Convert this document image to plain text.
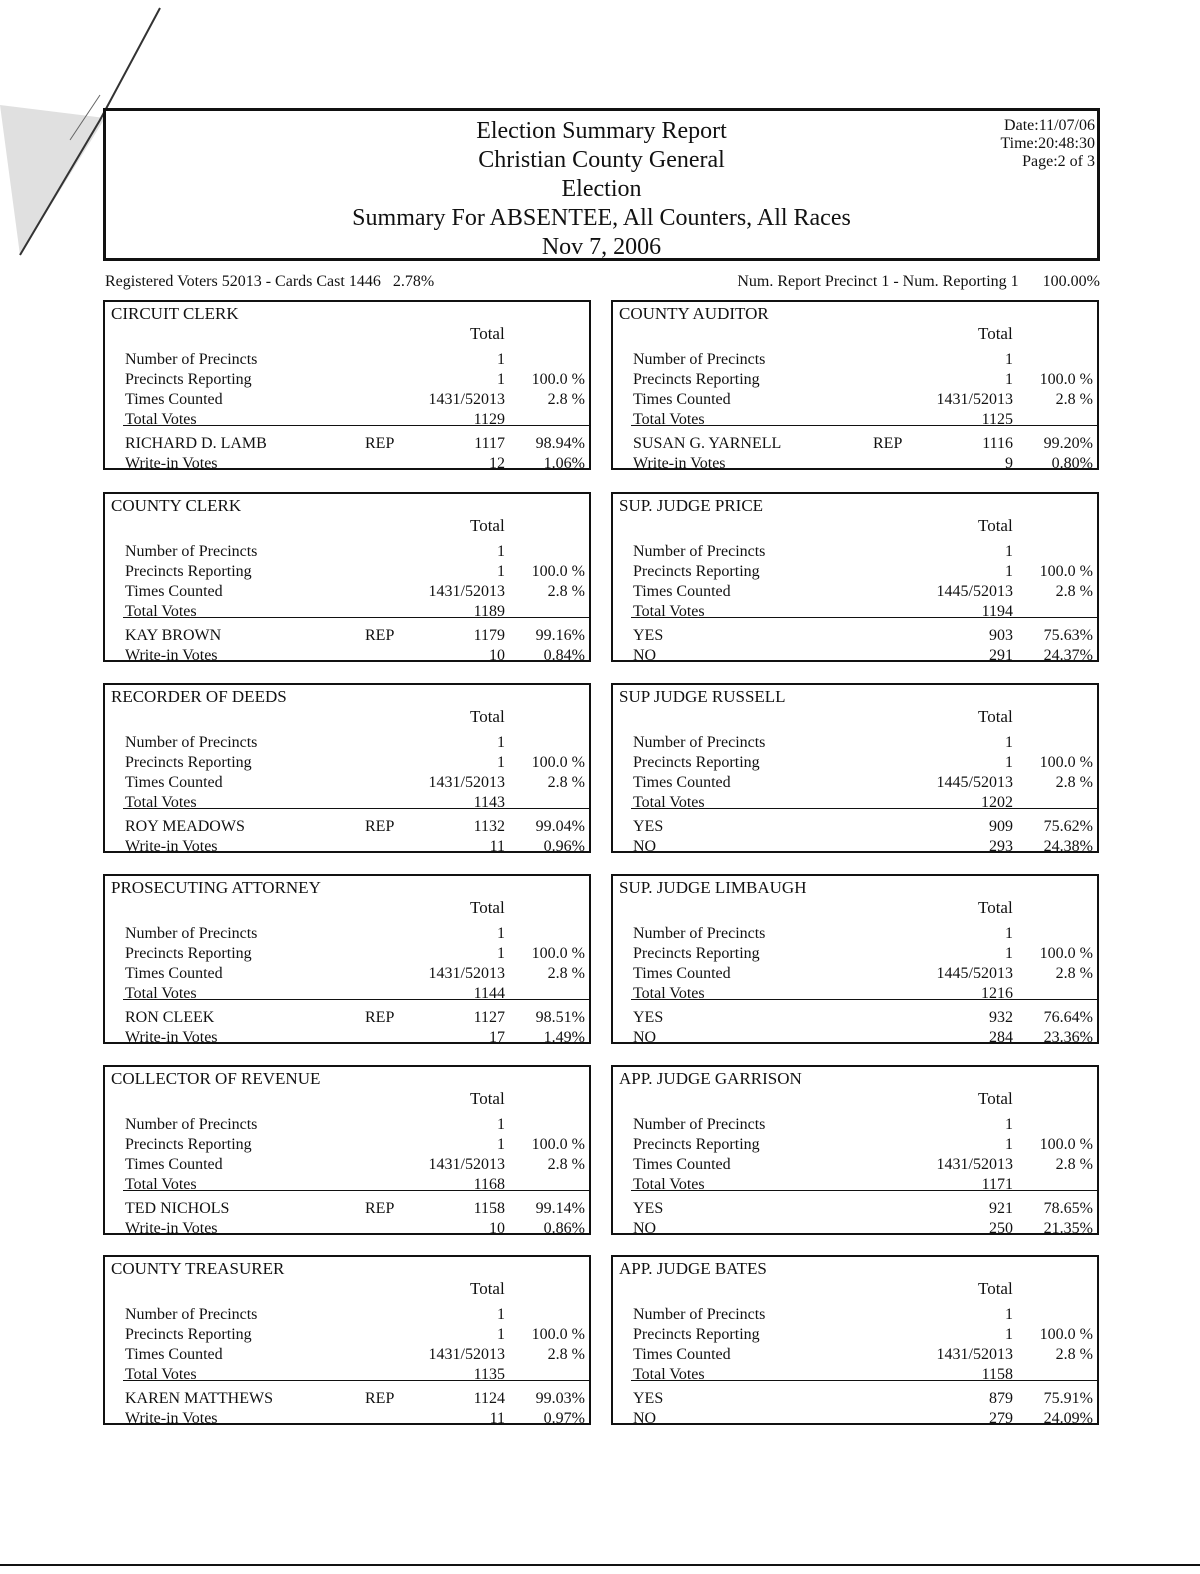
Election Summary Report
Christian County General
Election
Summary For ABSENTEE, All Counters, All Races
Nov 7, 2006
Date:11/07/06
Time:20:48:30
Page:2 of 3
Registered Voters 52013 - Cards Cast 1446   2.78%	Num. Report Precinct 1 - Num. Reporting 1      100.00%
CIRCUIT CLERK
Total
Number of Precincts	1
Precincts Reporting	1 100.0 %
Times Counted	1431/52013	2.8 %
Total Votes	1129
RICHARD D. LAMB	REP	1117 98.94%
Write-in Votes	12 1.06%
COUNTY AUDITOR
Total
Number of Precincts	1
Precincts Reporting	1 100.0 %
Times Counted	1431/52013	2.8 %
Total Votes	1125
SUSAN G. YARNELL	REP	1116 99.20%
Write-in Votes	9 0.80%
COUNTY CLERK
Total
Number of Precincts	1
Precincts Reporting	1 100.0 %
Times Counted	1431/52013	2.8 %
Total Votes	1189
KAY BROWN	REP	1179 99.16%
Write-in Votes	10 0.84%
SUP. JUDGE PRICE
Total
Number of Precincts	1
Precincts Reporting	1 100.0 %
Times Counted	1445/52013	2.8 %
Total Votes	1194
YES	903 75.63%
NO	291 24.37%
RECORDER OF DEEDS
Total
Number of Precincts	1
Precincts Reporting	1 100.0 %
Times Counted	1431/52013	2.8 %
Total Votes	1143
ROY MEADOWS	REP	1132 99.04%
Write-in Votes	11 0.96%
SUP JUDGE RUSSELL
Total
Number of Precincts	1
Precincts Reporting	1 100.0 %
Times Counted	1445/52013	2.8 %
Total Votes	1202
YES	909 75.62%
NO	293 24.38%
PROSECUTING ATTORNEY
Total
Number of Precincts	1
Precincts Reporting	1 100.0 %
Times Counted	1431/52013	2.8 %
Total Votes	1144
RON CLEEK	REP	1127 98.51%
Write-in Votes	17 1.49%
SUP. JUDGE LIMBAUGH
Total
Number of Precincts	1
Precincts Reporting	1 100.0 %
Times Counted	1445/52013	2.8 %
Total Votes	1216
YES	932 76.64%
NO	284 23.36%
COLLECTOR OF REVENUE
Total
Number of Precincts	1
Precincts Reporting	1 100.0 %
Times Counted	1431/52013	2.8 %
Total Votes	1168
TED NICHOLS	REP	1158 99.14%
Write-in Votes	10 0.86%
APP. JUDGE GARRISON
Total
Number of Precincts	1
Precincts Reporting	1 100.0 %
Times Counted	1431/52013	2.8 %
Total Votes	1171
YES	921 78.65%
NO	250 21.35%
COUNTY TREASURER
Total
Number of Precincts	1
Precincts Reporting	1 100.0 %
Times Counted	1431/52013	2.8 %
Total Votes	1135
KAREN MATTHEWS	REP	1124 99.03%
Write-in Votes	11 0.97%
APP. JUDGE BATES
Total
Number of Precincts	1
Precincts Reporting	1 100.0 %
Times Counted	1431/52013	2.8 %
Total Votes	1158
YES	879 75.91%
NO	279 24.09%
